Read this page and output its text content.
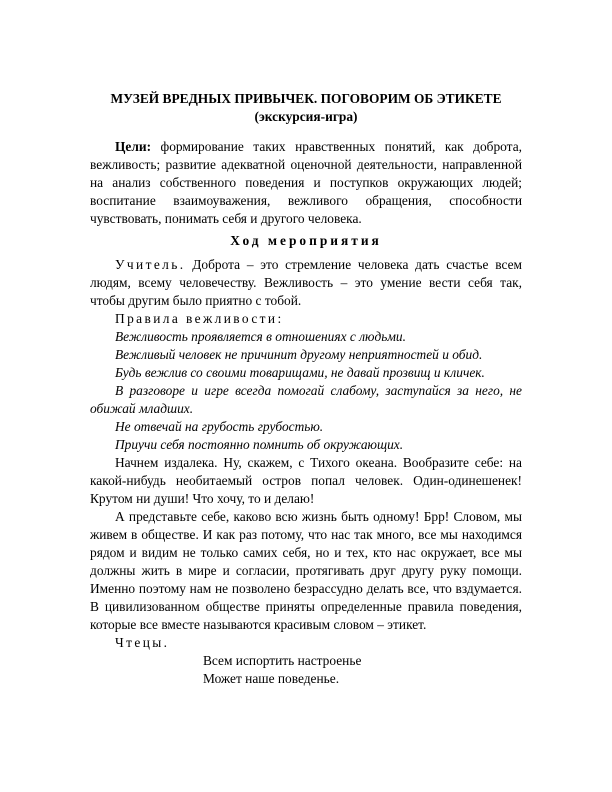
МУЗЕЙ ВРЕДНЫХ ПРИВЫЧЕК. ПОГОВОРИМ ОБ ЭТИКЕТЕ

(экскурсия-игра)

Цели: формирование таких нравственных понятий, как доброта, вежливость; развитие адекватной оценочной деятельности, направленной на анализ собственного поведения и поступков окружающих людей; воспитание взаимоуважения, вежливого обращения, способности чувствовать, понимать себя и другого человека.

Ход мероприятия

Учитель. Доброта – это стремление человека дать счастье всем людям, всему человечеству. Вежливость – это умение вести себя так, чтобы другим было приятно с тобой.

Правила вежливости:

Вежливость проявляется в отношениях с людьми.

Вежливый человек не причинит другому неприятностей и обид.

Будь вежлив со своими товарищами, не давай прозвищ и кличек.

В разговоре и игре всегда помогай слабому, заступайся за него, не обижай младших.

Не отвечай на грубость грубостью.

Приучи себя постоянно помнить об окружающих.

Начнем издалека. Ну, скажем, с Тихого океана. Вообразите себе: на какой-нибудь необитаемый остров попал человек. Один-одинешенек! Крутом ни души! Что хочу, то и делаю!

А представьте себе, каково всю жизнь быть одному! Брр! Словом, мы живем в обществе. И как раз потому, что нас так много, все мы находимся рядом и видим не только самих себя, но и тех, кто нас окружает, все мы должны жить в мире и согласии, протягивать друг другу руку помощи. Именно поэтому нам не позволено безрассудно делать все, что вздумается. В цивилизованном обществе приняты определенные правила поведения, которые все вместе называются красивым словом – этикет.

Чтецы.

Всем испортить настроенье

Может наше поведенье.
